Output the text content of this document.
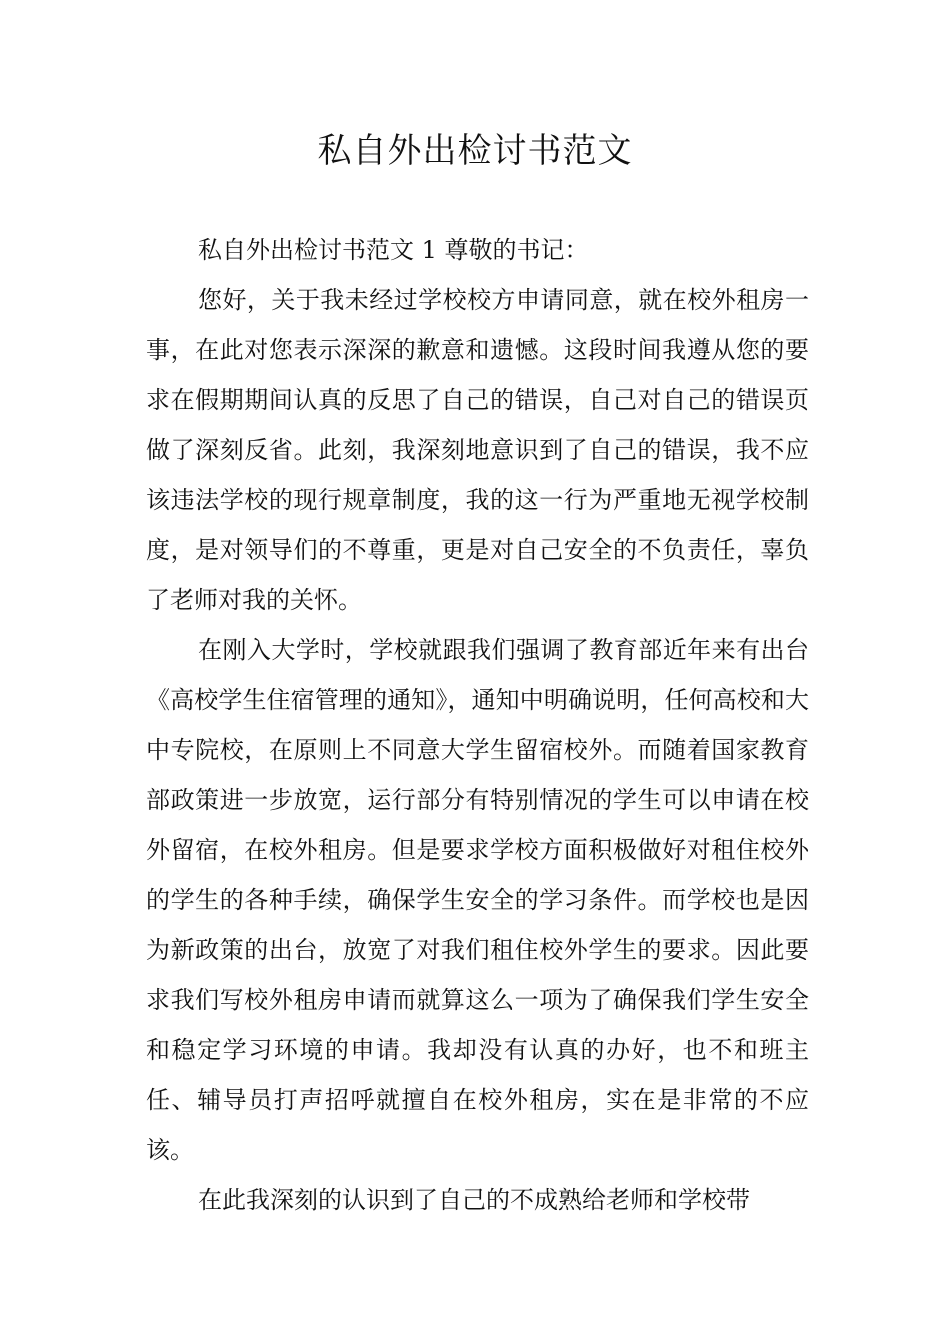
私自外出检讨书范文

私自外出检讨书范文 1 尊敬的书记：

您好，关于我未经过学校校方申请同意，就在校外租房一事，在此对您表示深深的歉意和遗憾。这段时间我遵从您的要求在假期期间认真的反思了自己的错误，自己对自己的错误页做了深刻反省。此刻，我深刻地意识到了自己的错误，我不应该违法学校的现行规章制度，我的这一行为严重地无视学校制度，是对领导们的不尊重，更是对自己安全的不负责任，辜负了老师对我的关怀。

在刚入大学时，学校就跟我们强调了教育部近年来有出台《高校学生住宿管理的通知》，通知中明确说明，任何高校和大中专院校，在原则上不同意大学生留宿校外。而随着国家教育部政策进一步放宽，运行部分有特别情况的学生可以申请在校外留宿，在校外租房。但是要求学校方面积极做好对租住校外的学生的各种手续，确保学生安全的学习条件。而学校也是因为新政策的出台，放宽了对我们租住校外学生的要求。因此要求我们写校外租房申请而就算这么一项为了确保我们学生安全和稳定学习环境的申请。我却没有认真的办好，也不和班主任、辅导员打声招呼就擅自在校外租房，实在是非常的不应该。

在此我深刻的认识到了自己的不成熟给老师和学校带
